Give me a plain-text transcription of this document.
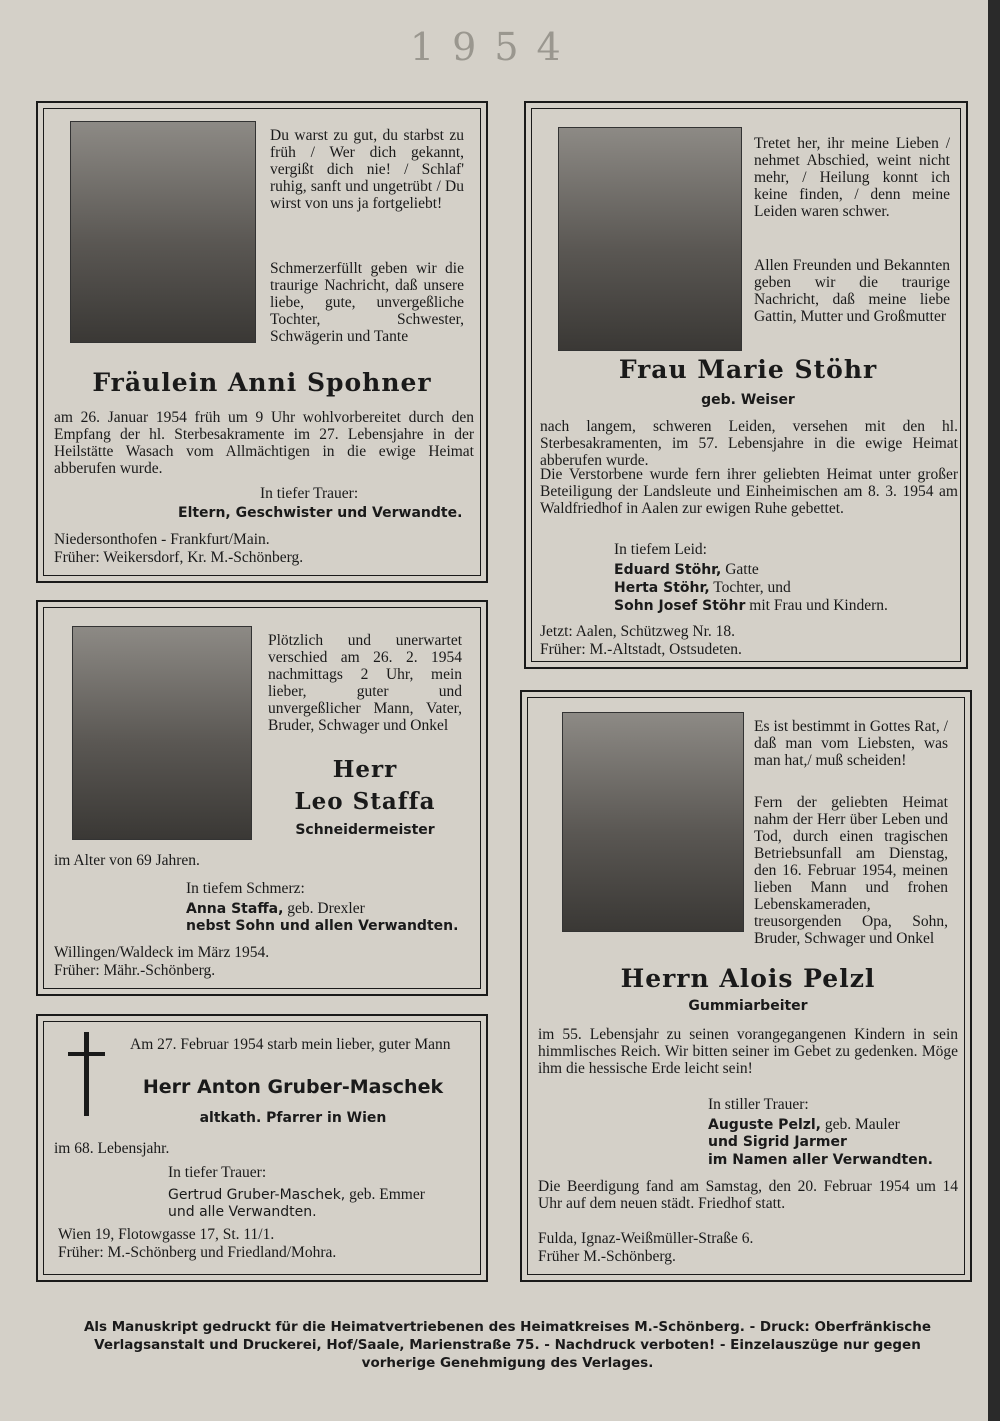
1954
Du warst zu gut, du starbst zu früh / Wer dich gekannt, vergißt dich nie! / Schlaf' ruhig, sanft und ungetrübt / Du wirst von uns ja fortgeliebt!
Schmerzerfüllt geben wir die traurige Nachricht, daß unsere liebe, gute, unvergeßliche Tochter, Schwester, Schwägerin und Tante
Fräulein Anni Spohner
am 26. Januar 1954 früh um 9 Uhr wohlvorbereitet durch den Empfang der hl. Sterbesakramente im 27. Lebensjahre in der Heilstätte Wasach vom Allmächtigen in die ewige Heimat abberufen wurde.
In tiefer Trauer:
Eltern, Geschwister und Verwandte.
Niedersonthofen - Frankfurt/Main.
Früher: Weikersdorf, Kr. M.-Schönberg.
Tretet her, ihr meine Lieben / nehmet Abschied, weint nicht mehr, / Heilung konnt ich keine finden, / denn meine Leiden waren schwer.
Allen Freunden und Bekannten geben wir die traurige Nachricht, daß meine liebe Gattin, Mutter und Großmutter
Frau Marie Stöhr
geb. Weiser
nach langem, schweren Leiden, versehen mit den hl. Sterbesakramenten, im 57. Lebensjahre in die ewige Heimat abberufen wurde.
Die Verstorbene wurde fern ihrer geliebten Heimat unter großer Beteiligung der Landsleute und Einheimischen am 8. 3. 1954 am Waldfriedhof in Aalen zur ewigen Ruhe gebettet.
In tiefem Leid:
Eduard Stöhr, Gatte
Herta Stöhr, Tochter, und
Sohn Josef Stöhr mit Frau und Kindern.
Jetzt: Aalen, Schützweg Nr. 18.
Früher: M.-Altstadt, Ostsudeten.
Plötzlich und unerwartet verschied am 26. 2. 1954 nachmittags 2 Uhr, mein lieber, guter und unvergeßlicher Mann, Vater, Bruder, Schwager und Onkel
Herr
Leo Staffa
Schneidermeister
im Alter von 69 Jahren.
In tiefem Schmerz:
Anna Staffa, geb. Drexler
nebst Sohn und allen Verwandten.
Willingen/Waldeck im März 1954.
Früher: Mähr.-Schönberg.
Es ist bestimmt in Gottes Rat, / daß man vom Liebsten, was man hat,/ muß scheiden!
Fern der geliebten Heimat nahm der Herr über Leben und Tod, durch einen tragischen Betriebsunfall am Dienstag, den 16. Februar 1954, meinen lieben Mann und frohen Lebenskameraden, treusorgenden Opa, Sohn, Bruder, Schwager und Onkel
Herrn Alois Pelzl
Gummiarbeiter
im 55. Lebensjahr zu seinen vorangegangenen Kindern in sein himmlisches Reich. Wir bitten seiner im Gebet zu gedenken. Möge ihm die hessische Erde leicht sein!
In stiller Trauer:
Auguste Pelzl, geb. Mauler
und Sigrid Jarmer
im Namen aller Verwandten.
Die Beerdigung fand am Samstag, den 20. Februar 1954 um 14 Uhr auf dem neuen städt. Friedhof statt.
Fulda, Ignaz-Weißmüller-Straße 6.
Früher M.-Schönberg.
Am 27. Februar 1954 starb mein lieber, guter Mann
Herr Anton Gruber-Maschek
altkath. Pfarrer in Wien
im 68. Lebensjahr.
In tiefer Trauer:
Gertrud Gruber-Maschek, geb. Emmer
und alle Verwandten.
Wien 19, Flotowgasse 17, St. 11/1.
Früher: M.-Schönberg und Friedland/Mohra.
Als Manuskript gedruckt für die Heimatvertriebenen des Heimatkreises M.-Schönberg. - Druck: Oberfränkische
Verlagsanstalt und Druckerei, Hof/Saale, Marienstraße 75. - Nachdruck verboten! - Einzelauszüge nur gegen
vorherige Genehmigung des Verlages.
